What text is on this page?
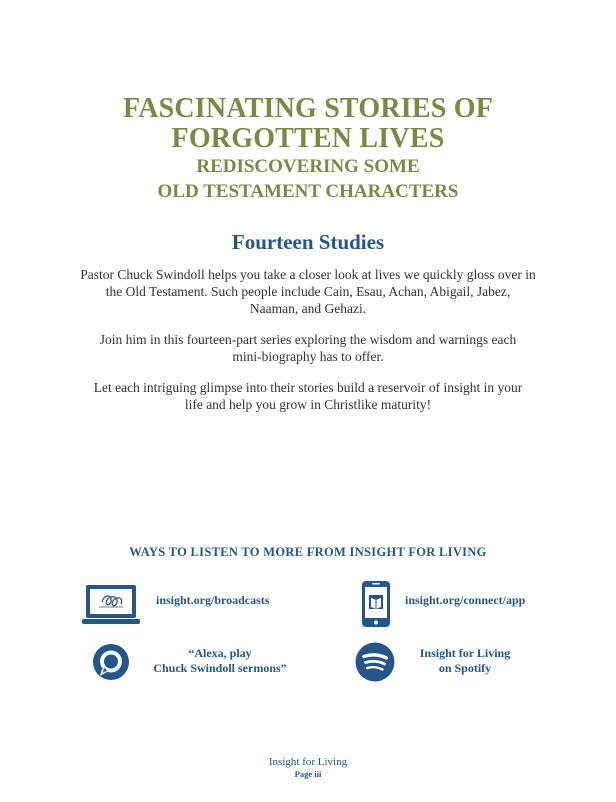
FASCINATING STORIES OF
FORGOTTEN LIVES
REDISCOVERING SOME
OLD TESTAMENT CHARACTERS
Fourteen Studies

Pastor Chuck Swindoll helps you take a closer look at lives we quickly gloss over in the Old Testament. Such people include Cain, Esau, Achan, Abigail, Jabez, Naaman, and Gehazi.

Join him in this fourteen-part series exploring the wisdom and warnings each mini-biography has to offer.

Let each intriguing glimpse into their stories build a reservoir of insight in your life and help you grow in Christlike maturity!

WAYS TO LISTEN TO MORE FROM INSIGHT FOR LIVING
insight.org/broadcasts	insight.org/connect/app
“Alexa, play
Chuck Swindoll sermons”
Insight for Living
on Spotify
Insight for Living
Page iii
